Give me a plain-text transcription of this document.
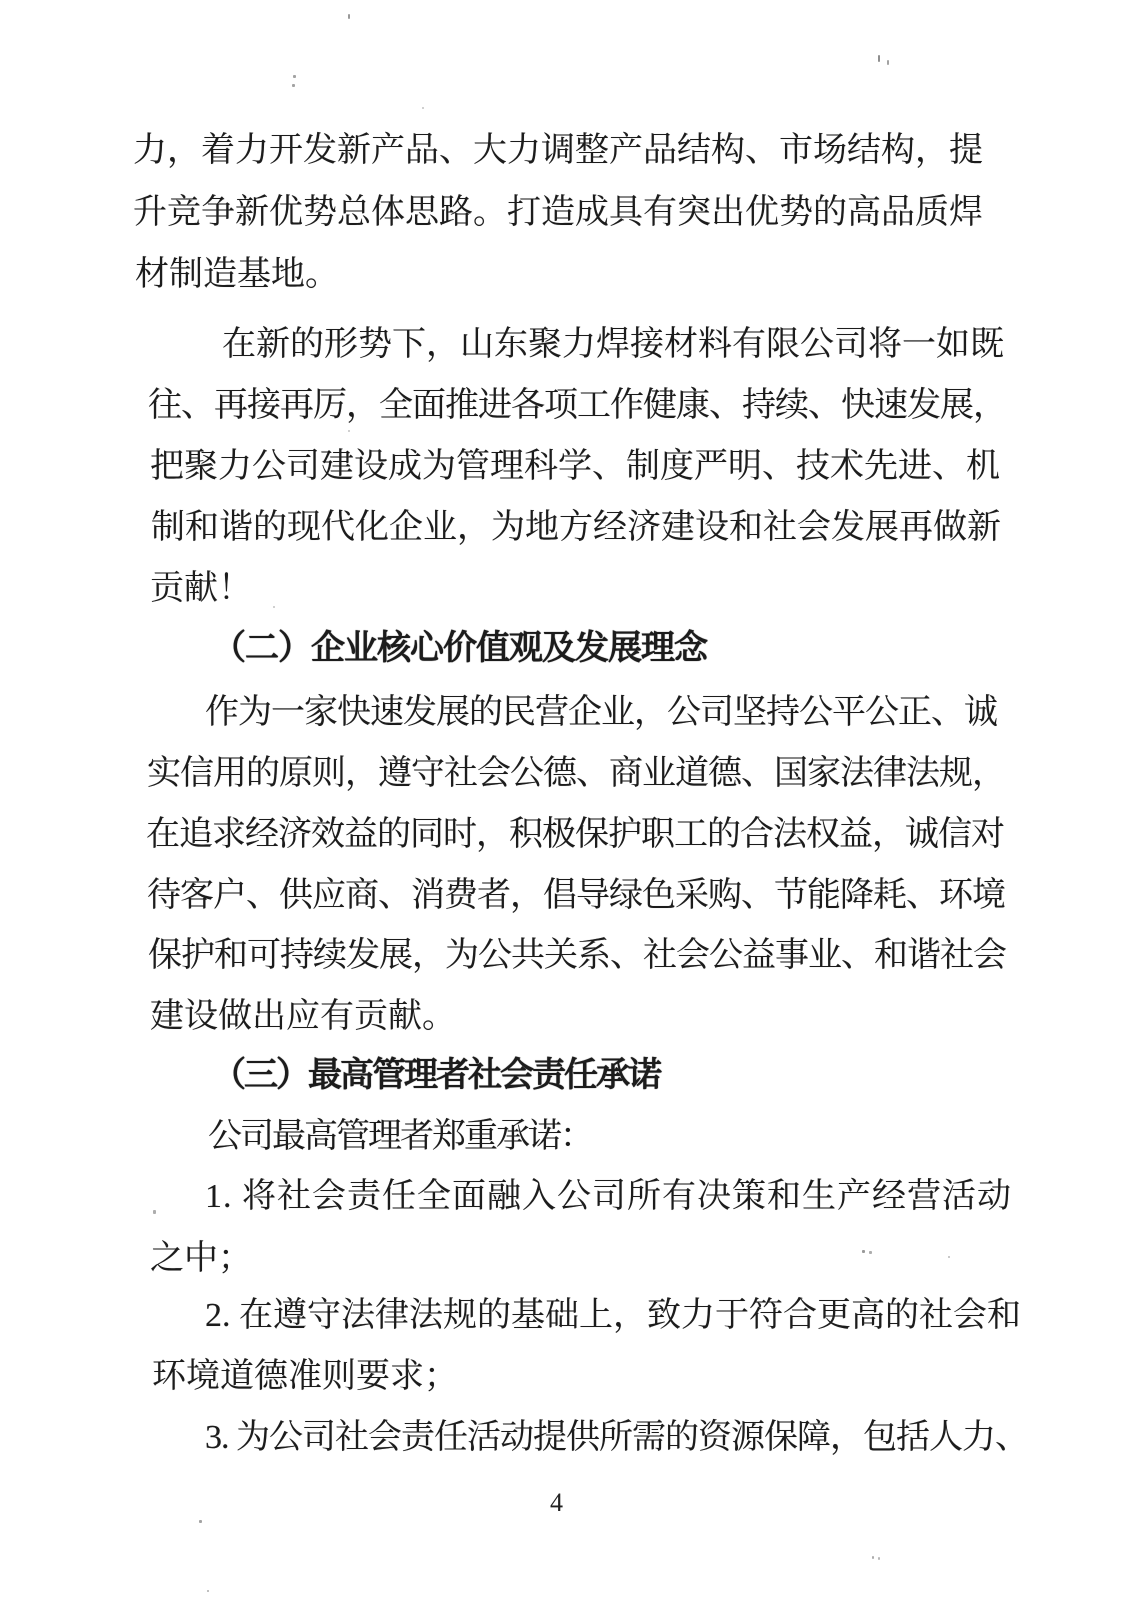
力，着力开发新产品、大力调整产品结构、市场结构，提
升竞争新优势总体思路。打造成具有突出优势的高品质焊
材制造基地。
在新的形势下，山东聚力焊接材料有限公司将一如既
往、再接再厉，全面推进各项工作健康、持续、快速发展，
把聚力公司建设成为管理科学、制度严明、技术先进、机
制和谐的现代化企业，为地方经济建设和社会发展再做新
贡献！
（二）企业核心价值观及发展理念
作为一家快速发展的民营企业，公司坚持公平公正、诚
实信用的原则，遵守社会公德、商业道德、国家法律法规，
在追求经济效益的同时，积极保护职工的合法权益，诚信对
待客户、供应商、消费者，倡导绿色采购、节能降耗、环境
保护和可持续发展，为公共关系、社会公益事业、和谐社会
建设做出应有贡献。
（三）最高管理者社会责任承诺
公司最高管理者郑重承诺：
1. 将社会责任全面融入公司所有决策和生产经营活动
之中；
2. 在遵守法律法规的基础上，致力于符合更高的社会和
环境道德准则要求；
3. 为公司社会责任活动提供所需的资源保障，包括人力、
4
